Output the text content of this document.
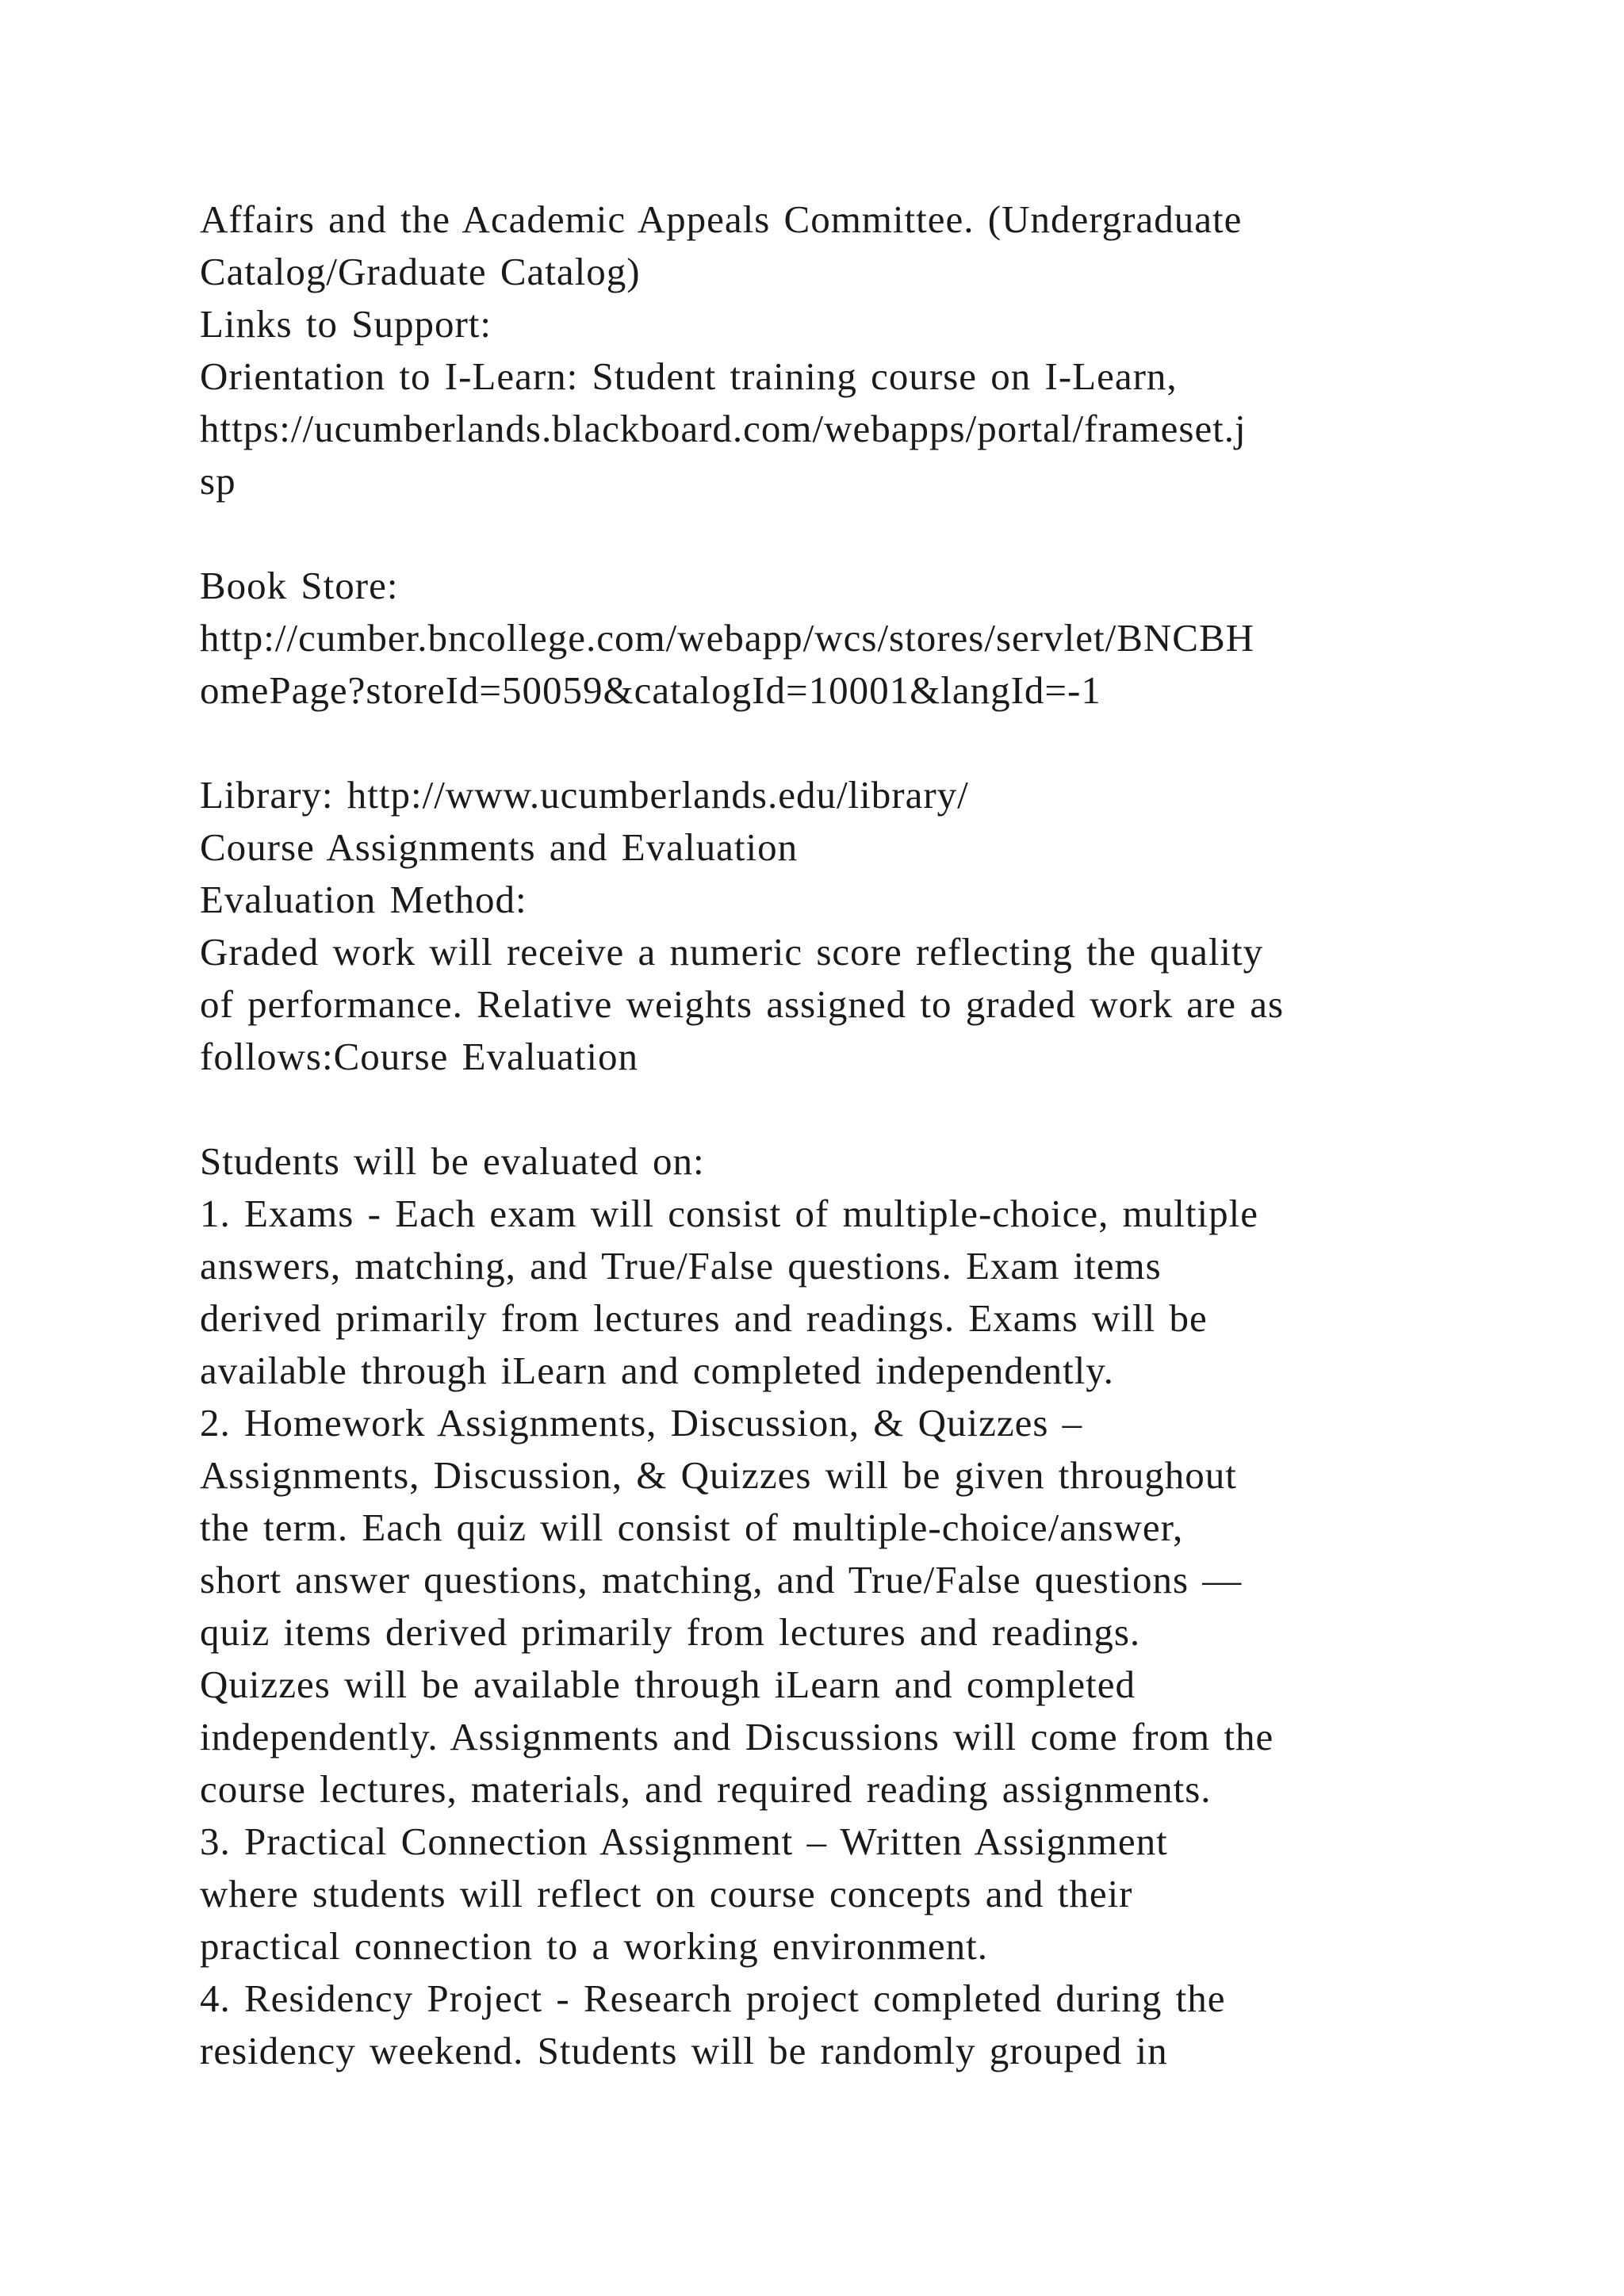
Affairs and the Academic Appeals Committee. (Undergraduate
Catalog/Graduate Catalog)
Links to Support:
Orientation to I-Learn: Student training course on I-Learn,
https://ucumberlands.blackboard.com/webapps/portal/frameset.j
sp
Book Store:
http://cumber.bncollege.com/webapp/wcs/stores/servlet/BNCBH
omePage?storeId=50059&catalogId=10001&langId=-1
Library: http://www.ucumberlands.edu/library/
Course Assignments and Evaluation
Evaluation Method:
Graded work will receive a numeric score reflecting the quality
of performance. Relative weights assigned to graded work are as
follows:Course Evaluation
Students will be evaluated on:
1. Exams - Each exam will consist of multiple-choice, multiple
answers, matching, and True/False questions. Exam items
derived primarily from lectures and readings. Exams will be
available through iLearn and completed independently.
2. Homework Assignments, Discussion, & Quizzes –
Assignments, Discussion, & Quizzes will be given throughout
the term. Each quiz will consist of multiple-choice/answer,
short answer questions, matching, and True/False questions —
quiz items derived primarily from lectures and readings.
Quizzes will be available through iLearn and completed
independently. Assignments and Discussions will come from the
course lectures, materials, and required reading assignments.
3. Practical Connection Assignment – Written Assignment
where students will reflect on course concepts and their
practical connection to a working environment.
4. Residency Project - Research project completed during the
residency weekend. Students will be randomly grouped in
